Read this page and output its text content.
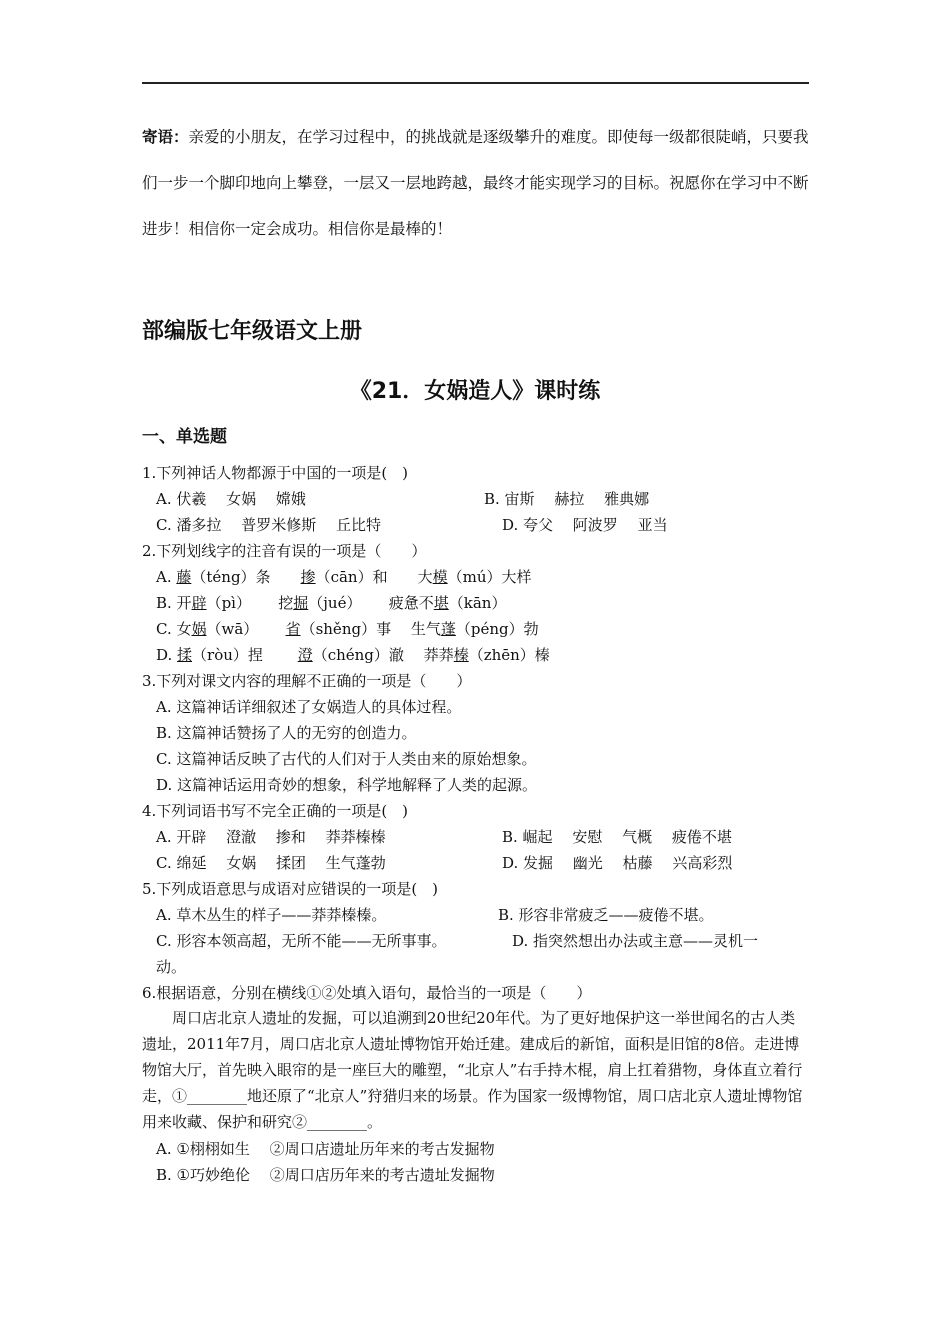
寄语：亲爱的小朋友，在学习过程中，的挑战就是逐级攀升的难度。即使每一级都很陡峭，只要我们一步一个脚印地向上攀登，一层又一层地跨越，最终才能实现学习的目标。祝愿你在学习中不断进步！相信你一定会成功。相信你是最棒的！
部编版七年级语文上册
《21．女娲造人》课时练
一、单选题
1.下列神话人物都源于中国的一项是(　)
A. 伏羲　 女娲　 嫦娥	B. 宙斯　 赫拉　 雅典娜
C. 潘多拉　 普罗米修斯　 丘比特	D. 夸父　 阿波罗　 亚当
2.下列划线字的注音有误的一项是（　　）
A. 藤（téng）条　　掺（cān）和　　大模（mú）大样
B. 开辟（pì）　　 挖掘（jué）　　 疲惫不堪（kān）
C. 女娲（wā）　　 省（shěng）事　 生气蓬（péng）勃
D. 揉（ròu）捏　　 澄（chéng）澈　 莽莽榛（zhēn）榛
3.下列对课文内容的理解不正确的一项是（　　）
A. 这篇神话详细叙述了女娲造人的具体过程。
B. 这篇神话赞扬了人的无穷的创造力。
C. 这篇神话反映了古代的人们对于人类由来的原始想象。
D. 这篇神话运用奇妙的想象，科学地解释了人类的起源。
4.下列词语书写不完全正确的一项是(　)
A. 开辟　 澄澈　 掺和　 莽莽榛榛	B. 崛起　 安慰　 气概　 疲倦不堪
C. 绵延　 女娲　 揉团　 生气蓬勃	D. 发掘　 幽光　 枯藤　 兴高彩烈
5.下列成语意思与成语对应错误的一项是(　)
A. 草木丛生的样子——莽莽榛榛。	B. 形容非常疲乏——疲倦不堪。
C. 形容本领高超，无所不能——无所事事。	D. 指突然想出办法或主意——灵机一
动。
6.根据语意，分别在横线①②处填入语句，最恰当的一项是（　　）
　　周口店北京人遗址的发掘，可以追溯到20世纪20年代。为了更好地保护这一举世闻名的古人类遗址，2011年7月，周口店北京人遗址博物馆开始迁建。建成后的新馆，面积是旧馆的8倍。走进博物馆大厅，首先映入眼帘的是一座巨大的雕塑，“北京人”右手持木棍，肩上扛着猎物，身体直立着行走，①________地还原了“北京人”狩猎归来的场景。作为国家一级博物馆，周口店北京人遗址博物馆用来收藏、保护和研究②________。
A. ①栩栩如生　 ②周口店遗址历年来的考古发掘物
B. ①巧妙绝伦　 ②周口店历年来的考古遗址发掘物
